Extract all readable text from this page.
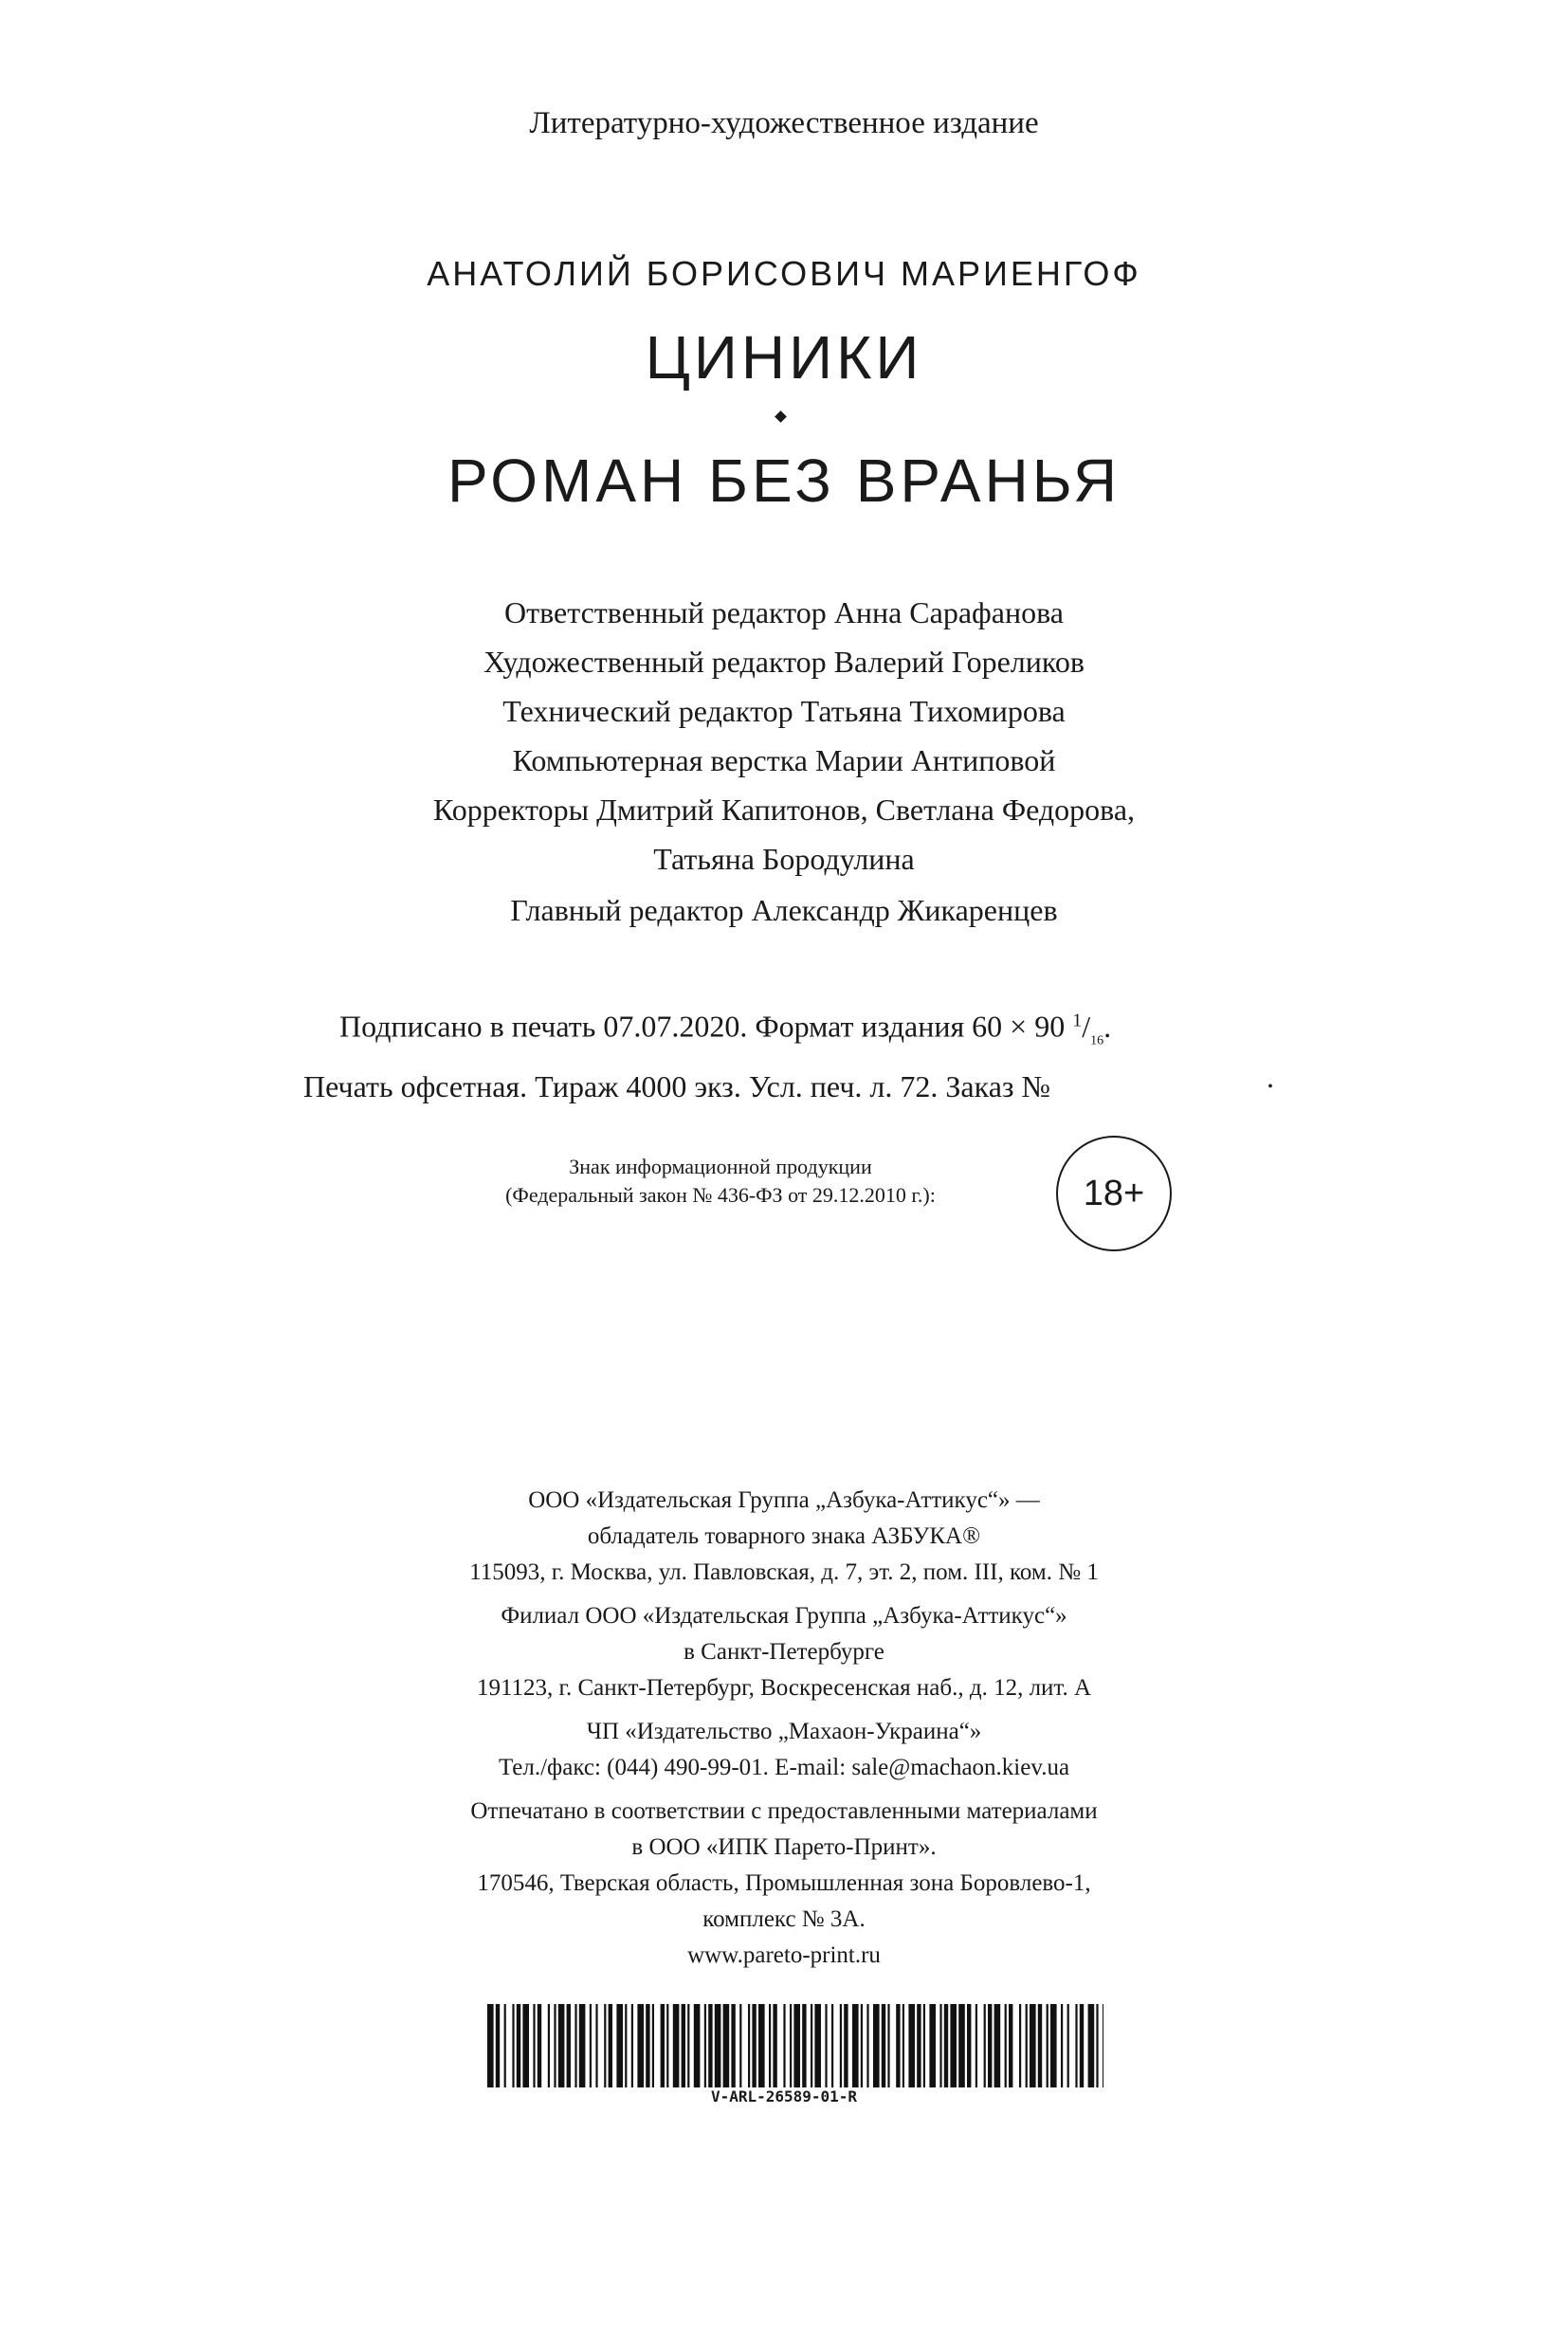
Литературно-художественное издание
АНАТОЛИЙ БОРИСОВИЧ МАРИЕНГОФ
ЦИНИКИ
РОМАН БЕЗ ВРАНЬЯ
Ответственный редактор Анна Сарафанова
Художественный редактор Валерий Гореликов
Технический редактор Татьяна Тихомирова
Компьютерная верстка Марии Антиповой
Корректоры Дмитрий Капитонов, Светлана Федорова,
Татьяна Бородулина
Главный редактор Александр Жикаренцев
Подписано в печать 07.07.2020. Формат издания 60 × 90 $^1/_{16}$.
Печать офсетная. Тираж 4000 экз. Усл. печ. л. 72. Заказ №	.
Знак информационной продукции
(Федеральный закон № 436-ФЗ от 29.12.2010 г.):	18+
ООО «Издательская Группа „Азбука-Аттикус“» —
обладатель товарного знака АЗБУКА®
115093, г. Москва, ул. Павловская, д. 7, эт. 2, пом. III, ком. № 1
Филиал ООО «Издательская Группа „Азбука-Аттикус“»
в Санкт-Петербурге
191123, г. Санкт-Петербург, Воскресенская наб., д. 12, лит. А
ЧП «Издательство „Махаон-Украина“»
Тел./факс: (044) 490-99-01. E-mail: sale@machaon.kiev.ua
Отпечатано в соответствии с предоставленными материалами
в ООО «ИПК Парето-Принт».
170546, Тверская область, Промышленная зона Боровлево-1,
комплекс № 3А.
www.pareto-print.ru
V-ARL-26589-01-R
